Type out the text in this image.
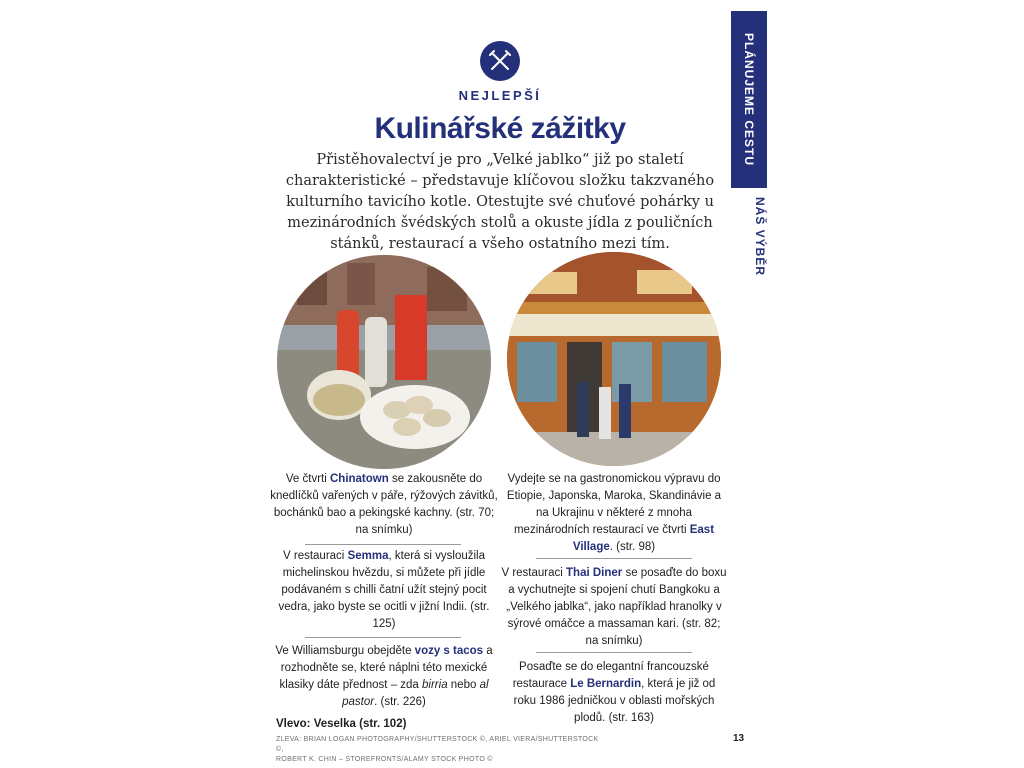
PLÁNUJEME CESTU
NÁŠ VÝBĚR
NEJLEPŠÍ
Kulinářské zážitky
Přistěhovalectví je pro „Velké jablko“ již po staletí charakteristické – představuje klíčovou složku takzvaného kulturního tavicího kotle. Otestujte své chuťové pohárky u mezinárodních švédských stolů a okuste jídla z pouličních stánků, restaurací a všeho ostatního mezi tím.

Ve čtvrti Chinatown se zakousněte do knedlíčků vařených v páře, rýžových závitků, bochánků bao a pekingské kachny. (str. 70; na snímku)

V restauraci Semma, která si vysloužila michelinskou hvězdu, si můžete při jídle podávaném s chilli čatní užít stejný pocit vedra, jako byste se ocitli v jižní Indii. (str. 125)

Ve Williamsburgu obejděte vozy s tacos a rozhodněte se, které náplni této mexické klasiky dáte přednost – zda birria nebo al pastor. (str. 226)

Vydejte se na gastronomickou výpravu do Etiopie, Japonska, Maroka, Skandinávie a na Ukrajinu v některé z mnoha mezinárodních restaurací ve čtvrti East Village. (str. 98)

V restauraci Thai Diner se posaďte do boxu a vychutnejte si spojení chutí Bangkoku a „Velkého jablka“, jako například hranolky v sýrové omáčce a massaman kari. (str. 82; na snímku)

Posaďte se do elegantní francouzské restaurace Le Bernardin, která je již od roku 1986 jedničkou v oblasti mořských plodů. (str. 163)

Vlevo: Veselka (str. 102)
ZLEVA: BRIAN LOGAN PHOTOGRAPHY/SHUTTERSTOCK ©, ARIEL VIERA/SHUTTERSTOCK ©,
ROBERT K. CHIN – STOREFRONTS/ALAMY STOCK PHOTO ©
13
